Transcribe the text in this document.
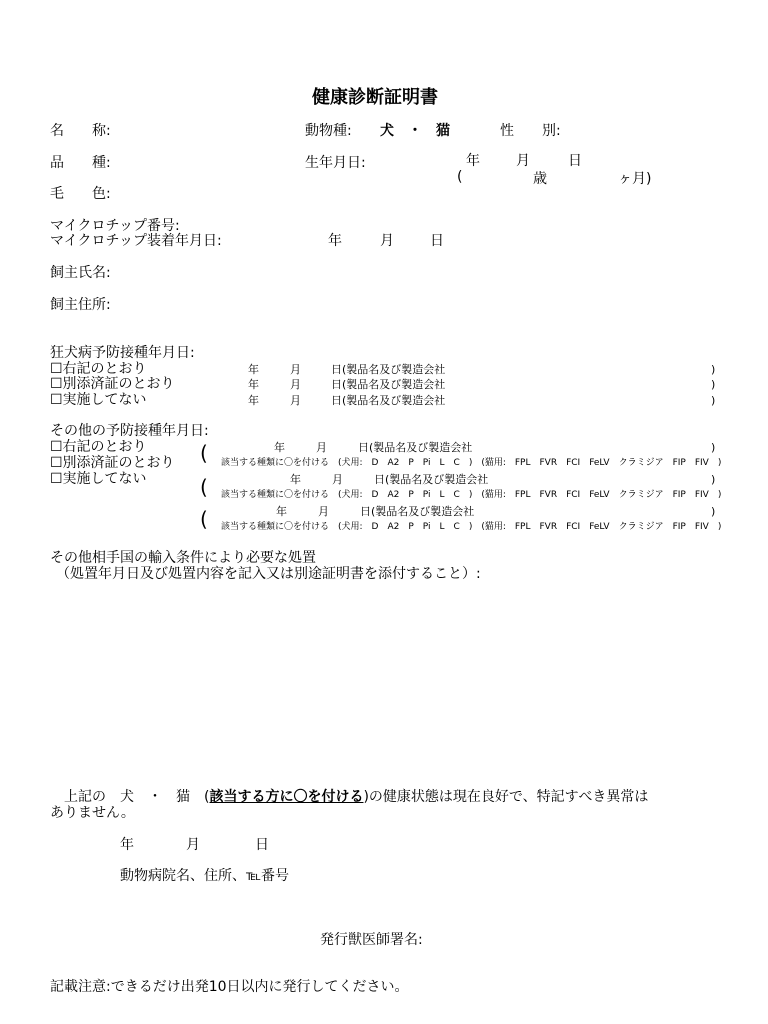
健康診断証明書
名　　称:	動物種: 犬　・　猫	性　　別:
品　　種:	生年月日:	年	月	日
(	歳	ヶ月)
毛　　色:
マイクロチップ番号:
マイクロチップ装着年月日:	年	月	日
飼主氏名:
飼主住所:
狂犬病予防接種年月日:
☐右記のとおり
☐別添済証のとおり
☐実施してない
年	月	日(製品名及び製造会社	)
年	月	日(製品名及び製造会社	)
年	月	日(製品名及び製造会社	)
その他の予防接種年月日:
☐右記のとおり
☐別添済証のとおり
☐実施してない
(	年	月	日(製品名及び製造会社	)
該当する種類に〇を付ける　(犬用:　D　A2　P　Pi　L　C　)　(猫用:　FPL　FVR　FCI　FeLV　クラミジア　FIP　FIV　)
(	年	月	日(製品名及び製造会社	)
該当する種類に〇を付ける　(犬用:　D　A2　P　Pi　L　C　)　(猫用:　FPL　FVR　FCI　FeLV　クラミジア　FIP　FIV　)
(	年	月	日(製品名及び製造会社	)
該当する種類に〇を付ける　(犬用:　D　A2　P　Pi　L　C　)　(猫用:　FPL　FVR　FCI　FeLV　クラミジア　FIP　FIV　)
その他相手国の輸入条件により必要な処置
（処置年月日及び処置内容を記入又は別途証明書を添付すること）:
上記の　犬　・　猫　(該当する方に〇を付ける)の健康状態は現在良好で、特記すべき異常は
ありません。
年	月	日
動物病院名、住所、℡番号
発行獣医師署名:
記載注意:できるだけ出発10日以内に発行してください。
